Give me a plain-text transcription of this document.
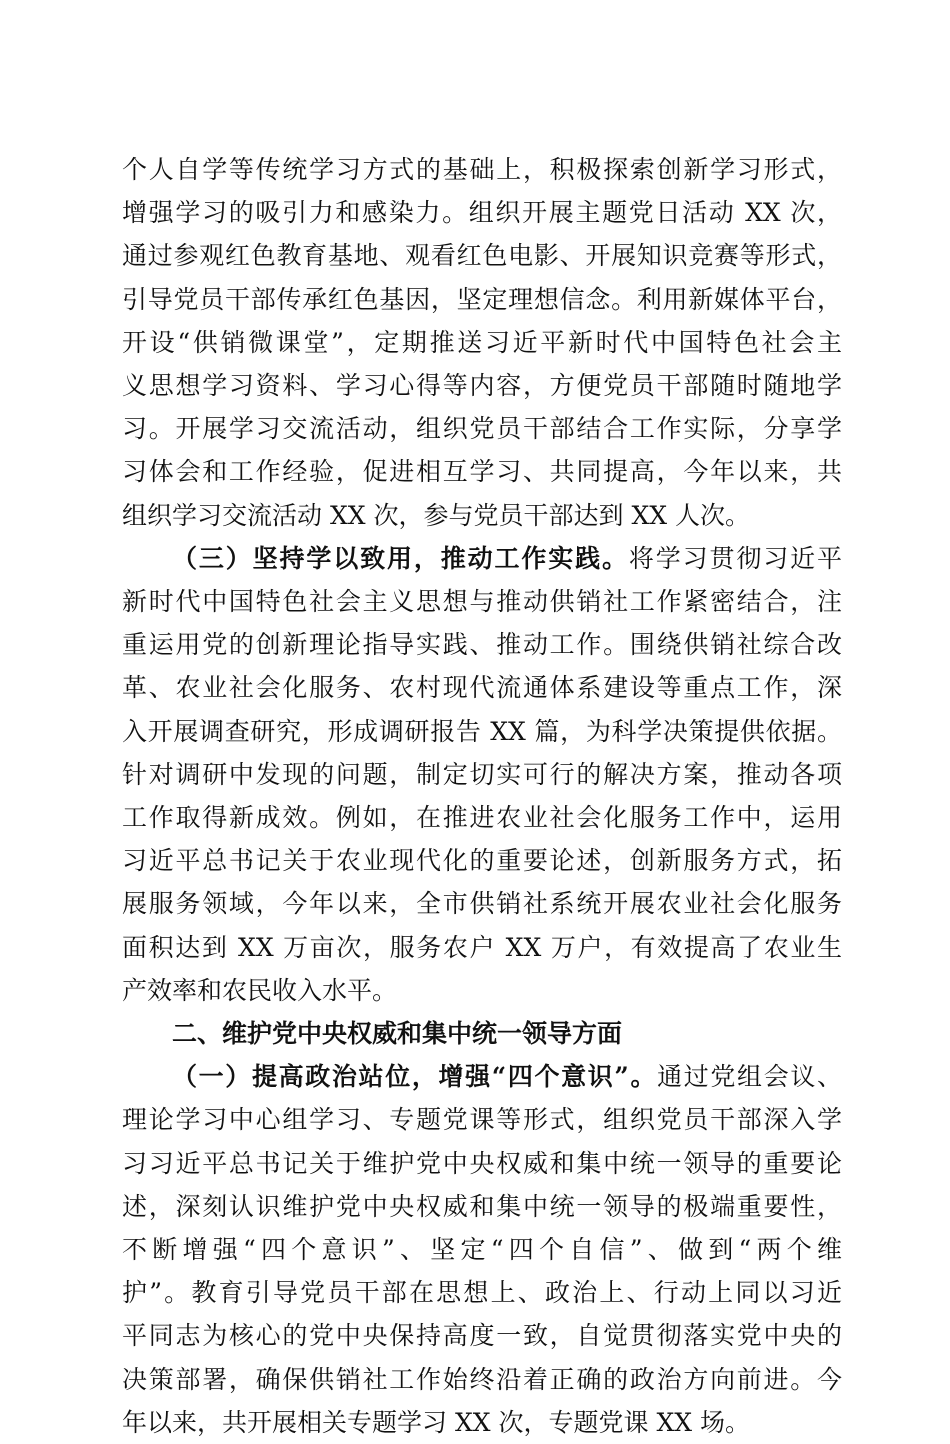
个人自学等传统学习方式的基础上，积极探索创新学习形式，
增强学习的吸引力和感染力。组织开展主题党日活动 XX 次，
通过参观红色教育基地、观看红色电影、开展知识竞赛等形式，
引导党员干部传承红色基因，坚定理想信念。利用新媒体平台，
开设“供销微课堂”，定期推送习近平新时代中国特色社会主
义思想学习资料、学习心得等内容，方便党员干部随时随地学
习。开展学习交流活动，组织党员干部结合工作实际，分享学
习体会和工作经验，促进相互学习、共同提高，今年以来，共
组织学习交流活动 XX 次，参与党员干部达到 XX 人次。
（三）坚持学以致用，推动工作实践。将学习贯彻习近平
新时代中国特色社会主义思想与推动供销社工作紧密结合，注
重运用党的创新理论指导实践、推动工作。围绕供销社综合改
革、农业社会化服务、农村现代流通体系建设等重点工作，深
入开展调查研究，形成调研报告 XX 篇，为科学决策提供依据。
针对调研中发现的问题，制定切实可行的解决方案，推动各项
工作取得新成效。例如，在推进农业社会化服务工作中，运用
习近平总书记关于农业现代化的重要论述，创新服务方式，拓
展服务领域，今年以来，全市供销社系统开展农业社会化服务
面积达到 XX 万亩次，服务农户 XX 万户，有效提高了农业生
产效率和农民收入水平。
二、维护党中央权威和集中统一领导方面
（一）提高政治站位，增强“四个意识”。通过党组会议、
理论学习中心组学习、专题党课等形式，组织党员干部深入学
习习近平总书记关于维护党中央权威和集中统一领导的重要论
述，深刻认识维护党中央权威和集中统一领导的极端重要性，
不断增强“四个意识”、坚定“四个自信”、做到“两个维
护”。教育引导党员干部在思想上、政治上、行动上同以习近
平同志为核心的党中央保持高度一致，自觉贯彻落实党中央的
决策部署，确保供销社工作始终沿着正确的政治方向前进。今
年以来，共开展相关专题学习 XX 次，专题党课 XX 场。
